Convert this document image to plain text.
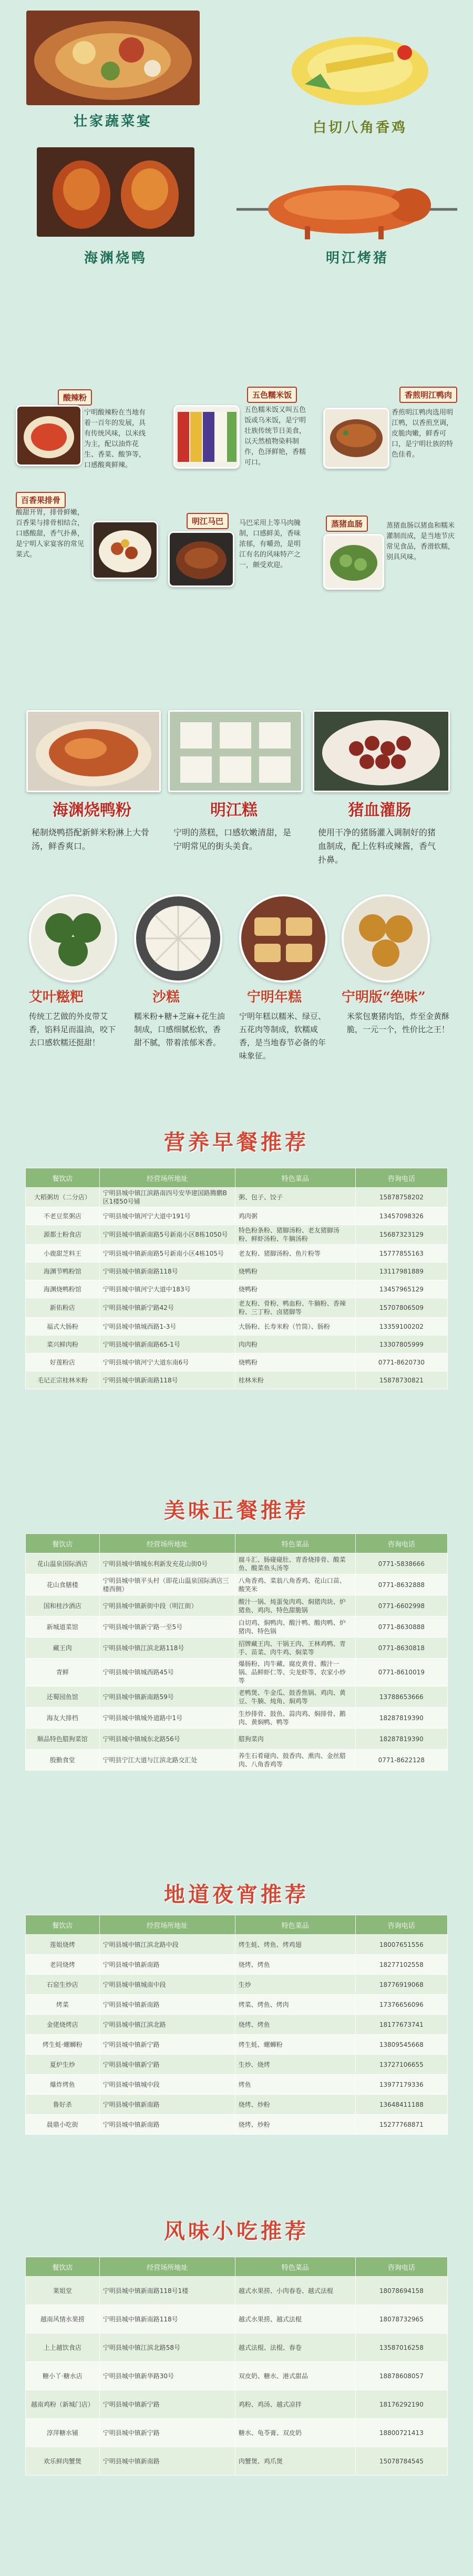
壮家蔬菜宴	白切八角香鸡
海渊烧鸭	明江烤猪
酸辣粉
宁明酸辣粉在当地有着一百年的发展，具有传统风味，以米线为主，配以油炸花生、香菜、酸笋等，口感酸爽鲜辣。
五色糯米饭
五色糯米饭又叫五色饭或乌米饭，是宁明壮族传统节日美食，以天然植物染料制作，色泽鲜艳，香糯可口。
香煎明江鸭肉
香煎明江鸭肉选用明江鸭，以香煎烹调，皮脆肉嫩，鲜香可口，是宁明壮族的特色佳肴。
百香果排骨
酸甜开胃，排骨鲜嫩，百香果与排骨相结合，口感酸甜，香气扑鼻，是宁明人家宴客的常见菜式。
明江马巴	马巴采用上等马肉腌制，口感鲜美，香味浓郁，有嚼劲，是明江有名的风味特产之一，颇受欢迎。
蒸猪血肠	蒸猪血肠以猪血和糯米灌制而成，是当地节庆常见食品，香滑软糯，别具风味。
海渊烧鸭粉
秘制烧鸭搭配新鲜米粉淋上大骨汤，鲜香爽口。
明江糕
宁明的蒸糕，口感软嫩清甜，是宁明常见的街头美食。
猪血灌肠
使用干净的猪肠灌入调制好的猪血制成，配上佐料或辣酱，香气扑鼻。
艾叶糍粑
传统工艺做的外皮带艾香，馅料足而温油，咬下去口感软糯还挺甜！
沙糕
糯米粉+糖+芝麻+花生油制成，口感细腻松软，香甜不腻，带着浓郁米香。
宁明年糕
宁明年糕以糯米、绿豆、五花肉等制成，软糯咸香，是当地春节必备的年味象征。
宁明版“绝味”
米浆包裹猪肉馅，炸至金黄酥脆，一元一个，性价比之王！
营养早餐推荐
餐饮店	经营场所地址	特色菜品	咨询电话
大稻粥坊（二分店）	宁明县城中镇江滨路南四号安华建国路腾鹏B区1楼50号铺	粥、包子、饺子	15878758202
不老豆浆粥店	宁明县城中镇河宁大道中191号	鸡肉粥	13457098326
源都士粉食店	宁明县城中镇新南路5号新南小区8栋1050号	特色粉条粉、猪脚汤粉、老友猪脚汤粉、鲜虾汤粉、牛腩汤粉	15687323129
小鹿甜芝料王	宁明县城中镇新南路5号新南小区4栋105号	老友粉、猪脚汤粉、鱼片粉等	15777855163
海渊节鸭粉馆	宁明县城中镇新南路118号	烧鸭粉	13117981889
海渊烧鸭粉馆	宁明县城中镇河宁大道中183号	烧鸭粉	13457965129
新佑粉店	宁明县城中镇新宁路42号	老友粉、骨粉、鸭血粉、牛腩粉、香辣粉、三丁粉、卤猪脚等	15707806509
福式大肠粉	宁明县城中镇城西路1-3号	大肠粉、长寿米粉（竹筒）、肠粉	13359100202
菜兴鲜肉粉	宁明县城中镇新南路65-1号	肉肉粉	13307805999
好莲粉店	宁明县城中镇河宁大道东南6号	烧鸭粉	0771-8620730
毛记正宗桂林米粉	宁明县城中镇新南路118号	桂林米粉	15878730821
美味正餐推荐
餐饮店	经营场所地址	特色菜品	咨询电话
花山温泉国际酒店	宁明县城中镇城东利新发充花山街0号	腐斗汇、肠碰碰肚、青香烧排骨、酸菜鱼、酸菜鱼头汤等	0771-5838666
花山食膳楼	宁明县城中镇平头村（即花山温泉国际酒店三楼西侧）	八角香鸡、菜翁八角香鸡、花山口苗、酸笑米	0771-8632888
国和桂沙酒店	宁明县城中镇新街中段（明江街）	酸汁一锅、炖蛋兔肉鸡、焖猪肉块、炉猪鱼、鸡肉、特色甜脆锅	0771-6602998
新城道菜馆	宁明县城中镇新宁路一至5号	白切鸡、焖鸭肉、酸汁鸭、酸肉鸭、炉猪肉、特色锅	0771-8630888
藏王肉	宁明县城中镇江滨北路118号	招牌藏王肉、干锅王肉、王林鸡鸭、青手、苗菜、肉牛鸡、焖菜等	0771-8630818
青鲜	宁明县城中镇城西路45号	爆肠粉、肉牛藏、腐皮黄骨、酸汁一锅、品鲜虾仁等、尖龙虾等、农家小炒等	0771-8610019
还蜀园鱼馆	宁明县城中镇新南路59号	老鸭煲、牛金瓜、鼓香焦锅、鸡肉、黄豆、牛腩、炖角、焖鸡等	13788653666
海友大排档	宁明县城中镇城外道路中1号	生炒排骨、鼓鱼、蒜肉鸡、焖排骨、鹅肉、黄焖鸭、鸭等	18287819390
顺品特色腊狗菜馆	宁明县城中镇城东北路56号	腊狗菜肉	18287819390
殷勤食堂	宁明县宁江大道与江滨北路交汇处	养生石肴碰肉、鼓香肉、熏肉、金丝腊肉、八角香鸡等	0771-8622128
地道夜宵推荐
餐饮店	经营场所地址	特色菜品	咨询电话
莲姐烧烤	宁明县城中镇江滨北路中段	烤生蚝、烤鱼、烤鸡翅	18007651556
老同烧烤	宁明县城中镇新南路	烧烤、烤鱼	18277102558
石窑生炒店	宁明县城中镇城南中段	生炒	18776919068
烤菜	宁明县城中镇新南路	烤菜、烤鱼、烤肉	17376656096
金佬烧烤店	宁明县城中镇江滨北路	烧烤、烤鱼	18177673741
烤生蚝·螺蛳粉	宁明县城中镇新宁路	烤生蚝、螺蛳粉	13809545668
夏炉生炒	宁明县城中镇新宁路	生炒、烧烤	13727106655
爆炸烤鱼	宁明县城中镇城中段	烤鱼	13977179336
鲁好杀	宁明县城中镇新南路	烧烤、炒粉	13648411188
晨鼎小吃街	宁明县城中镇新南路	烧烤、炒粉	15277768871
风味小吃推荐
餐饮店	经营场所地址	特色菜品	咨询电话
莱姐堂	宁明县城中镇新南路118号1楼	越式水果捞、小肉春卷、越式法棍	18078694158
越南风情水果捞	宁明县城中镇新南路118号	越式水果捞、越式法棍	18078732965
上上越饮食店	宁明县城中镇江滨北路58号	越式法棍、法棍、春卷	13587016258
糖小丫·糖水店	宁明县城中镇新华路30号	双皮奶、糖水、港式甜品	18878608057
越南鸡粉（新城门店）	宁明县城中镇新宁路	鸡粉、鸡汤、越式凉拌	18176292190
淳萍糖水铺	宁明县城中镇新宁路	糖水、龟苓膏、双皮奶	18800721413
欢乐鲜肉蟹煲	宁明县城中镇新南路	肉蟹煲、鸡爪煲	15078784545
